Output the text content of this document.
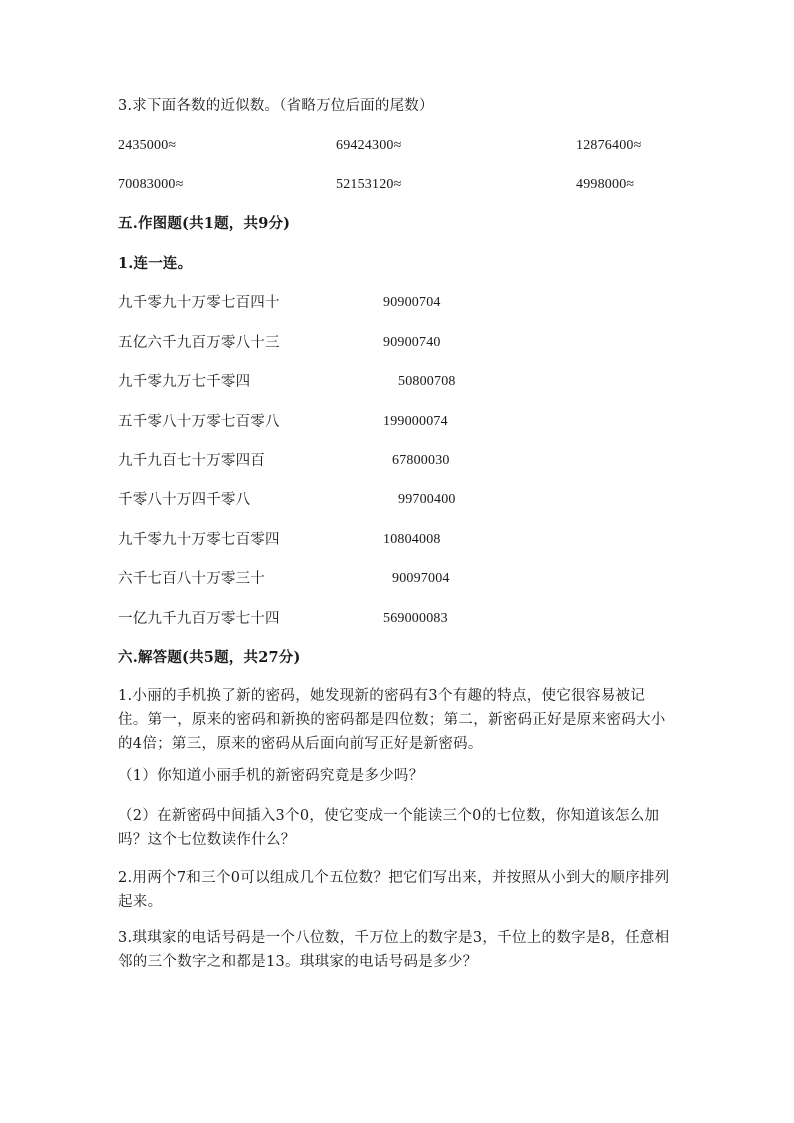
3.求下面各数的近似数。（省略万位后面的尾数）
2435000≈	69424300≈	12876400≈
70083000≈	52153120≈	4998000≈
五.作图题(共1题，共9分)
1.连一连。
九千零九十万零七百四十	90900704
五亿六千九百万零八十三	90900740
九千零九万七千零四	50800708
五千零八十万零七百零八	199000074
九千九百七十万零四百	67800030
千零八十万四千零八	99700400
九千零九十万零七百零四	10804008
六千七百八十万零三十	90097004
一亿九千九百万零七十四	569000083
六.解答题(共5题，共27分)
1.小丽的手机换了新的密码，她发现新的密码有3个有趣的特点，使它很容易被记住。第一，原来的密码和新换的密码都是四位数；第二，新密码正好是原来密码大小的4倍；第三，原来的密码从后面向前写正好是新密码。
（1）你知道小丽手机的新密码究竟是多少吗？
（2）在新密码中间插入3个0，使它变成一个能读三个0的七位数，你知道该怎么加吗？这个七位数读作什么？
2.用两个7和三个0可以组成几个五位数？把它们写出来，并按照从小到大的顺序排列起来。
3.琪琪家的电话号码是一个八位数，千万位上的数字是3，千位上的数字是8，任意相邻的三个数字之和都是13。琪琪家的电话号码是多少？
